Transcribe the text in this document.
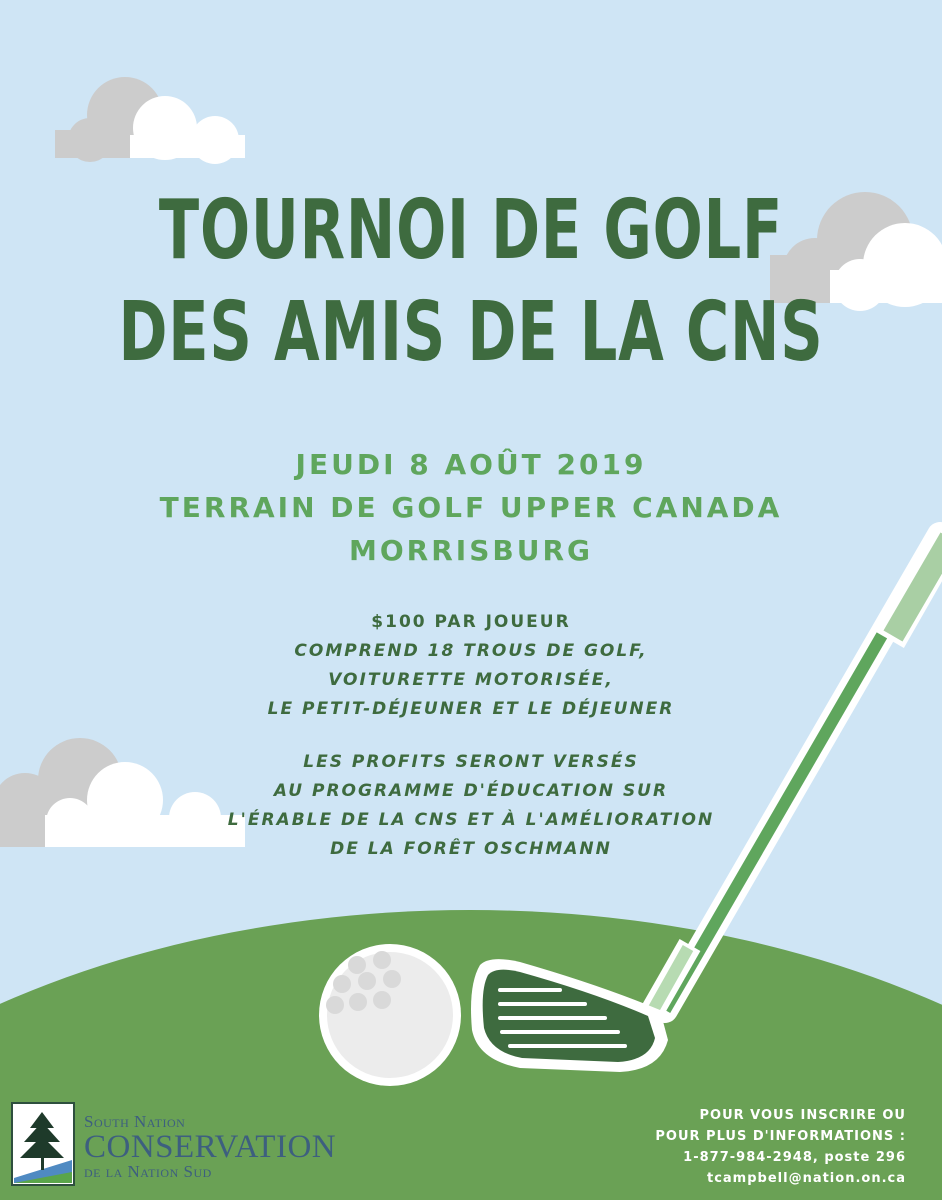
TOURNOI DE GOLF
DES AMIS DE LA CNS
JEUDI 8 AOÛT 2019
TERRAIN DE GOLF UPPER CANADA
MORRISBURG
$100 PAR JOUEUR
COMPREND 18 TROUS DE GOLF,
VOITURETTE MOTORISÉE,
LE PETIT-DÉJEUNER ET LE DÉJEUNER
LES PROFITS SERONT VERSÉS
AU PROGRAMME D'ÉDUCATION SUR
L'ÉRABLE DE LA CNS ET À L'AMÉLIORATION
DE LA FORÊT OSCHMANN
South Nation
CONSERVATION
de la Nation Sud
POUR VOUS INSCRIRE OU
POUR PLUS D'INFORMATIONS :
1-877-984-2948, poste 296
tcampbell@nation.on.ca
